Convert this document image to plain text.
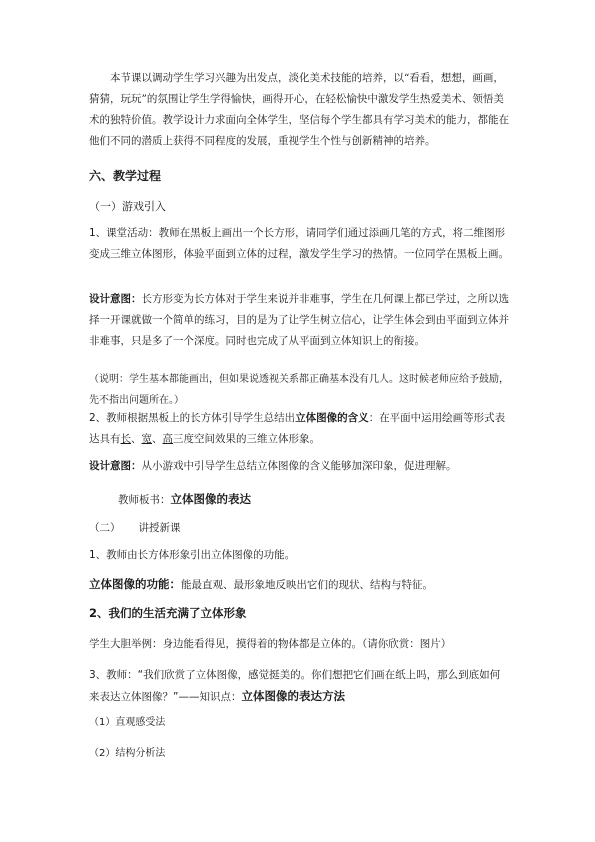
本节课以调动学生学习兴趣为出发点，淡化美术技能的培养，以“看看，想想，画画，猜猜，玩玩”的氛围让学生学得愉快，画得开心，在轻松愉快中激发学生热爱美术、领悟美术的独特价值。教学设计力求面向全体学生，坚信每个学生都具有学习美术的能力，都能在他们不同的潜质上获得不同程度的发展，重视学生个性与创新精神的培养。
六、教学过程
（一）游戏引入
1、课堂活动：教师在黑板上画出一个长方形，请同学们通过添画几笔的方式，将二维图形变成三维立体图形，体验平面到立体的过程，激发学生学习的热情。一位同学在黑板上画。
设计意图：长方形变为长方体对于学生来说并非难事，学生在几何课上都已学过，之所以选择一开课就做一个简单的练习，目的是为了让学生树立信心，让学生体会到由平面到立体并非难事，只是多了一个深度。同时也完成了从平面到立体知识上的衔接。
（说明：学生基本都能画出，但如果说透视关系都正确基本没有几人。这时候老师应给予鼓励，先不指出问题所在。）
2、教师根据黑板上的长方体引导学生总结出立体图像的含义：在平面中运用绘画等形式表达具有长、宽、高三度空间效果的三维立体形象。
设计意图：从小游戏中引导学生总结立体图像的含义能够加深印象，促进理解。
教师板书：立体图像的表达
（二） 讲授新课
1、教师由长方体形象引出立体图像的功能。
立体图像的功能：能最直观、最形象地反映出它们的现状、结构与特征。
2、我们的生活充满了立体形象
学生大胆举例：身边能看得见，摸得着的物体都是立体的。（请你欣赏：图片）
3、教师：“我们欣赏了立体图像，感觉挺美的。你们想把它们画在纸上吗，那么到底如何来表达立体图像？”——知识点：立体图像的表达方法
（1）直观感受法
（2）结构分析法
